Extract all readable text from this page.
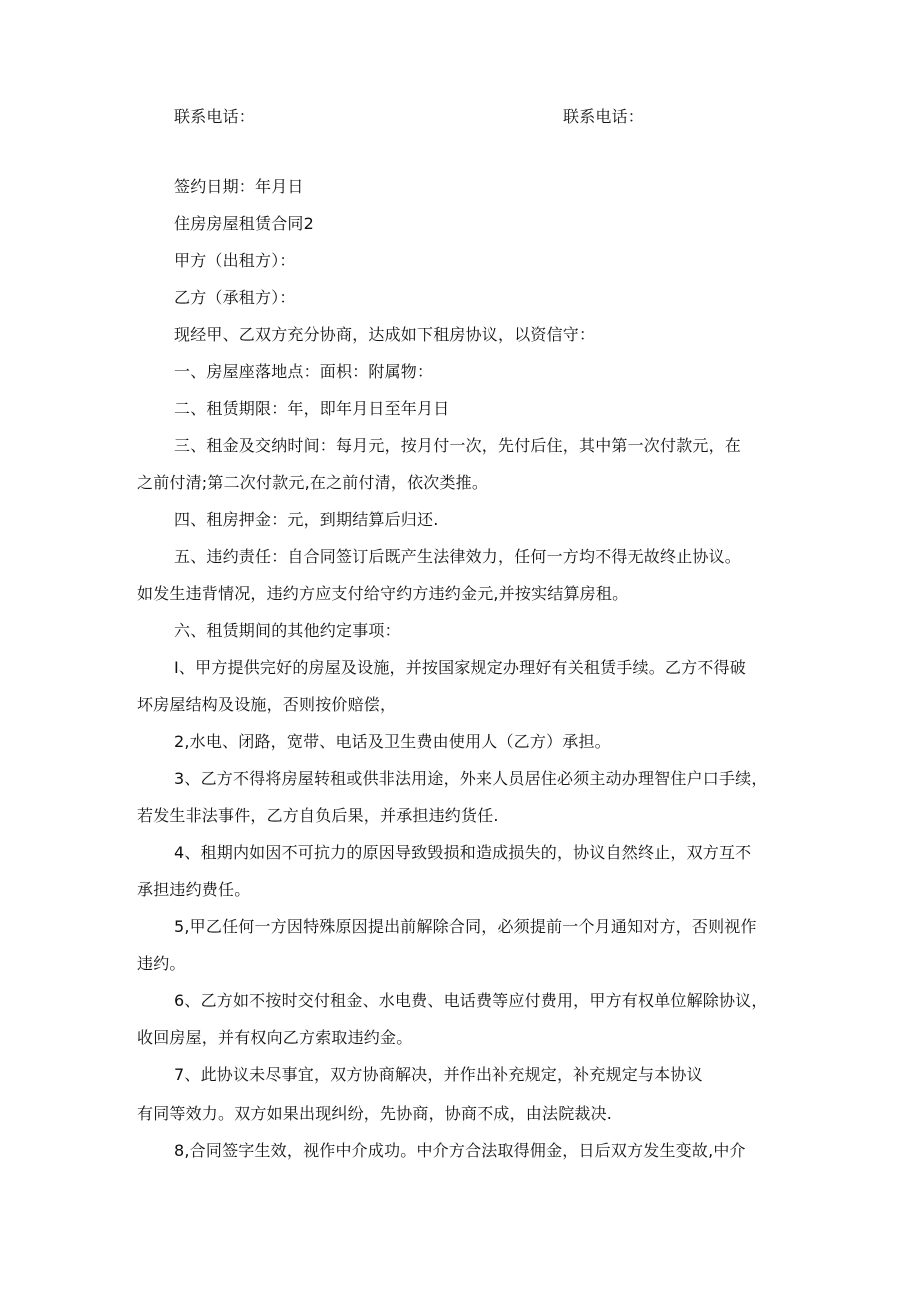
联系电话：	联系电话：
签约日期：年月日
住房房屋租赁合同2
甲方（出租方）：
乙方（承租方）：
现经甲、乙双方充分协商，达成如下租房协议，以资信守：
一、房屋座落地点：面枳：附属物：
二、租赁期限：年，即年月日至年月日
三、租金及交纳时间：每月元，按月付一次，先付后住，其中第一次付款元，在
之前付清;第二次付款元,在之前付清，依次类推。
四、租房押金：元，到期结算后归还.
五、违约责任：自合同签订后既产生法律效力，任何一方均不得无故终止协议。
如发生违背情况，违约方应支付给守约方违约金元,并按实结算房租。
六、租赁期间的其他约定事项：
I、甲方提供完好的房屋及设施，并按国家规定办理好有关租赁手续。乙方不得破
坏房屋结构及设施，否则按价赔偿，
2,水电、闭路，宽带、电话及卫生费由使用人（乙方）承担。
3、乙方不得将房屋转租或供非法用途，外来人员居住必须主动办理智住户口手续，
若发生非法事件，乙方自负后果，并承担违约货任.
4、租期内如因不可抗力的原因导致毁损和造成损失的，协议自然终止，双方互不
承担违约费任。
5,甲乙任何一方因特殊原因提出前解除合同，必须提前一个月通知对方，否则视作
违约。
6、乙方如不按时交付租金、水电费、电话费等应付费用，甲方有权单位解除协议，
收回房屋，并有权向乙方索取违约金。
7、此协议未尽事宜，双方协商解决，并作出补充规定，补充规定与本协议
有同等效力。双方如果出现纠纷，先协商，协商不成，由法院裁决.
8,合同签字生效，视作中介成功。中介方合法取得佣金，日后双方发生变故,中介
